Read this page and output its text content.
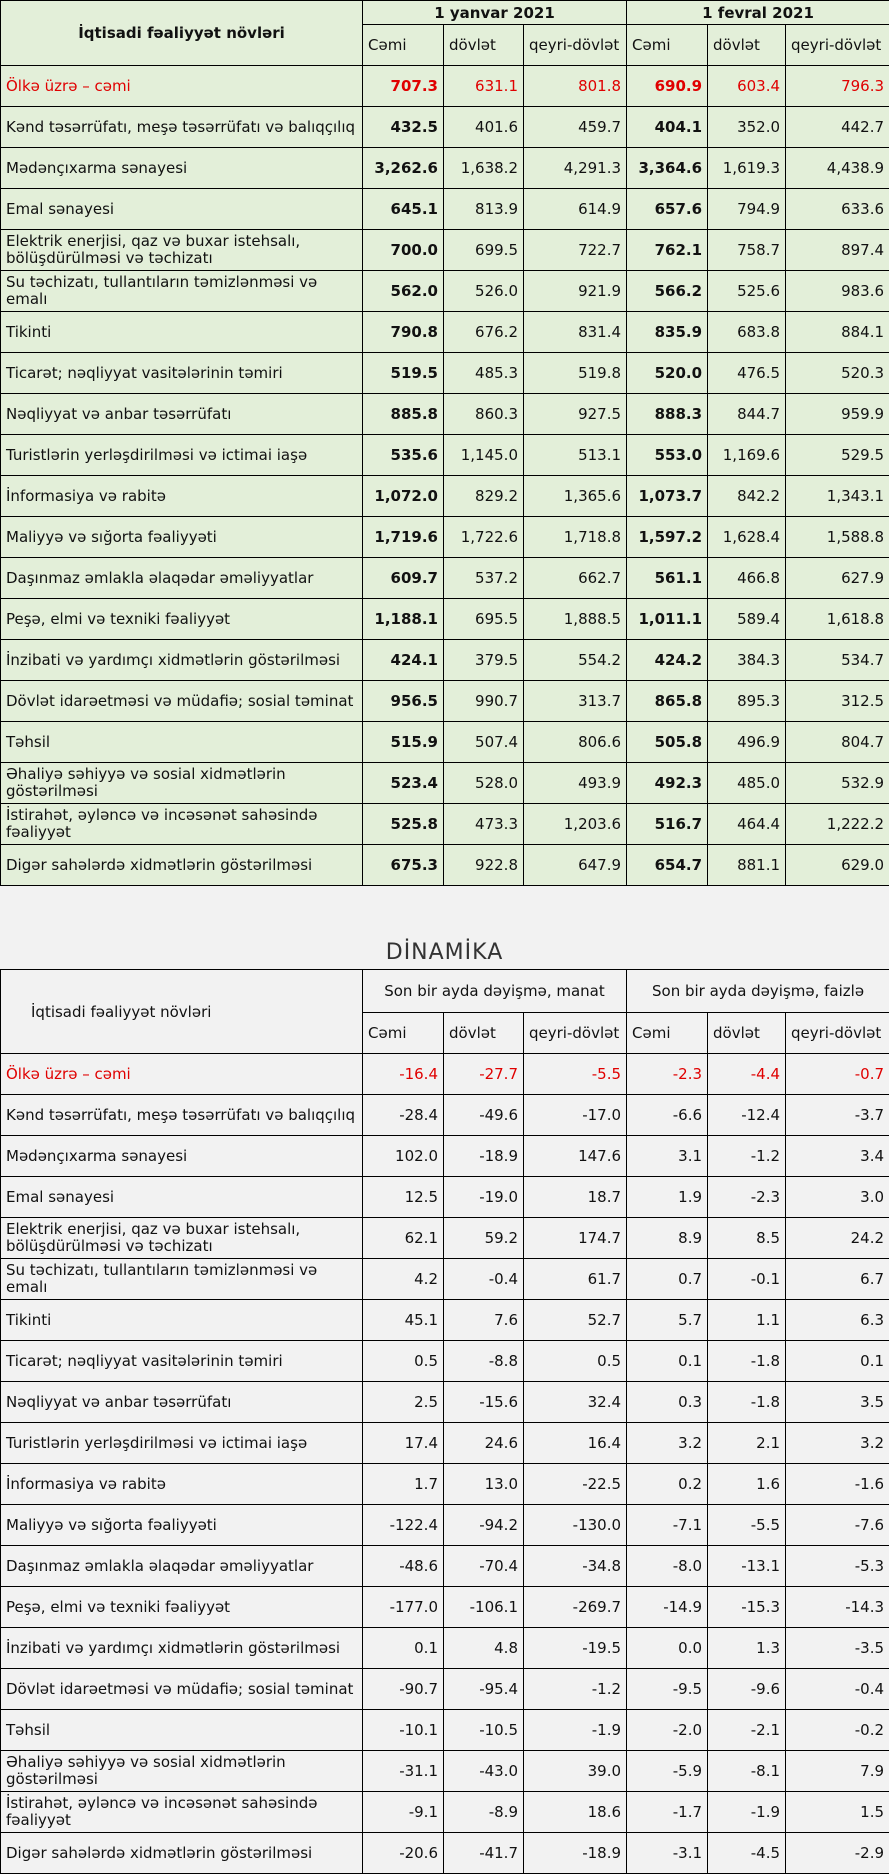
İqtisadi fəaliyyət növləri	1 yanvar 2021			1 fevral 2021		
	Cəmi	dövlət	qeyri-dövlət	Cəmi	dövlət	qeyri-dövlət
Ölkə üzrə – cəmi	707.3	631.1	801.8	690.9	603.4	796.3
Kənd təsərrüfatı, meşə təsərrüfatı və balıqçılıq	432.5	401.6	459.7	404.1	352.0	442.7
Mədənçıxarma sənayesi	3,262.6	1,638.2	4,291.3	3,364.6	1,619.3	4,438.9
Emal sənayesi	645.1	813.9	614.9	657.6	794.9	633.6
Elektrik enerjisi, qaz və buxar istehsalı, bölüşdürülməsi və təchizatı	700.0	699.5	722.7	762.1	758.7	897.4
Su təchizatı, tullantıların təmizlənməsi və emalı	562.0	526.0	921.9	566.2	525.6	983.6
Tikinti	790.8	676.2	831.4	835.9	683.8	884.1
Ticarət; nəqliyyat vasitələrinin təmiri	519.5	485.3	519.8	520.0	476.5	520.3
Nəqliyyat və anbar təsərrüfatı	885.8	860.3	927.5	888.3	844.7	959.9
Turistlərin yerləşdirilməsi və ictimai iaşə	535.6	1,145.0	513.1	553.0	1,169.6	529.5
İnformasiya və rabitə	1,072.0	829.2	1,365.6	1,073.7	842.2	1,343.1
Maliyyə və sığorta fəaliyyəti	1,719.6	1,722.6	1,718.8	1,597.2	1,628.4	1,588.8
Daşınmaz əmlakla əlaqədar əməliyyatlar	609.7	537.2	662.7	561.1	466.8	627.9
Peşə, elmi və texniki fəaliyyət	1,188.1	695.5	1,888.5	1,011.1	589.4	1,618.8
İnzibati və yardımçı xidmətlərin göstərilməsi	424.1	379.5	554.2	424.2	384.3	534.7
Dövlət idarəetməsi və müdafiə; sosial təminat	956.5	990.7	313.7	865.8	895.3	312.5
Təhsil	515.9	507.4	806.6	505.8	496.9	804.7
Əhaliyə səhiyyə və sosial xidmətlərin göstərilməsi	523.4	528.0	493.9	492.3	485.0	532.9
İstirahət, əyləncə və incəsənət sahəsində fəaliyyət	525.8	473.3	1,203.6	516.7	464.4	1,222.2
Digər sahələrdə xidmətlərin göstərilməsi	675.3	922.8	647.9	654.7	881.1	629.0
DİNAMİKA
İqtisadi fəaliyyət növləri	Son bir ayda dəyişmə, manat			Son bir ayda dəyişmə, faizlə		
	Cəmi	dövlət	qeyri-dövlət	Cəmi	dövlət	qeyri-dövlət
Ölkə üzrə – cəmi	-16.4	-27.7	-5.5	-2.3	-4.4	-0.7
Kənd təsərrüfatı, meşə təsərrüfatı və balıqçılıq	-28.4	-49.6	-17.0	-6.6	-12.4	-3.7
Mədənçıxarma sənayesi	102.0	-18.9	147.6	3.1	-1.2	3.4
Emal sənayesi	12.5	-19.0	18.7	1.9	-2.3	3.0
Elektrik enerjisi, qaz və buxar istehsalı, bölüşdürülməsi və təchizatı	62.1	59.2	174.7	8.9	8.5	24.2
Su təchizatı, tullantıların təmizlənməsi və emalı	4.2	-0.4	61.7	0.7	-0.1	6.7
Tikinti	45.1	7.6	52.7	5.7	1.1	6.3
Ticarət; nəqliyyat vasitələrinin təmiri	0.5	-8.8	0.5	0.1	-1.8	0.1
Nəqliyyat və anbar təsərrüfatı	2.5	-15.6	32.4	0.3	-1.8	3.5
Turistlərin yerləşdirilməsi və ictimai iaşə	17.4	24.6	16.4	3.2	2.1	3.2
İnformasiya və rabitə	1.7	13.0	-22.5	0.2	1.6	-1.6
Maliyyə və sığorta fəaliyyəti	-122.4	-94.2	-130.0	-7.1	-5.5	-7.6
Daşınmaz əmlakla əlaqədar əməliyyatlar	-48.6	-70.4	-34.8	-8.0	-13.1	-5.3
Peşə, elmi və texniki fəaliyyət	-177.0	-106.1	-269.7	-14.9	-15.3	-14.3
İnzibati və yardımçı xidmətlərin göstərilməsi	0.1	4.8	-19.5	0.0	1.3	-3.5
Dövlət idarəetməsi və müdafiə; sosial təminat	-90.7	-95.4	-1.2	-9.5	-9.6	-0.4
Təhsil	-10.1	-10.5	-1.9	-2.0	-2.1	-0.2
Əhaliyə səhiyyə və sosial xidmətlərin göstərilməsi	-31.1	-43.0	39.0	-5.9	-8.1	7.9
İstirahət, əyləncə və incəsənət sahəsində fəaliyyət	-9.1	-8.9	18.6	-1.7	-1.9	1.5
Digər sahələrdə xidmətlərin göstərilməsi	-20.6	-41.7	-18.9	-3.1	-4.5	-2.9
